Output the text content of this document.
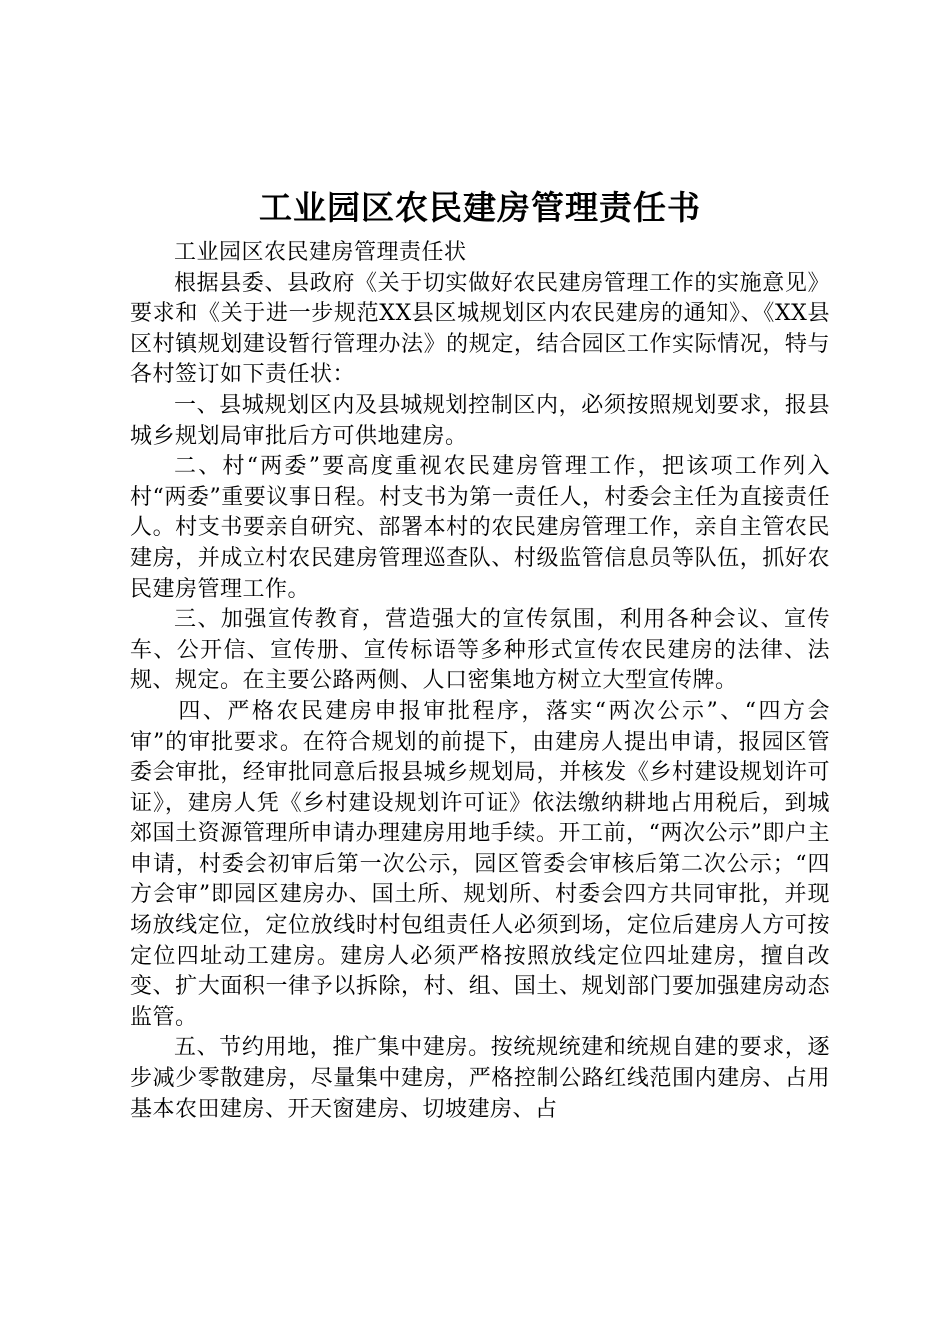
工业园区农民建房管理责任书

工业园区农民建房管理责任状

根据县委、县政府《关于切实做好农民建房管理工作的实施意见》要求和《关于进一步规范XX县区城规划区内农民建房的通知》、《XX县区村镇规划建设暂行管理办法》的规定，结合园区工作实际情况，特与各村签订如下责任状：

一、县城规划区内及县城规划控制区内，必须按照规划要求，报县城乡规划局审批后方可供地建房。

二、村“两委”要高度重视农民建房管理工作，把该项工作列入村“两委”重要议事日程。村支书为第一责任人，村委会主任为直接责任人。村支书要亲自研究、部署本村的农民建房管理工作，亲自主管农民建房，并成立村农民建房管理巡查队、村级监管信息员等队伍，抓好农民建房管理工作。

三、加强宣传教育，营造强大的宣传氛围，利用各种会议、宣传车、公开信、宣传册、宣传标语等多种形式宣传农民建房的法律、法规、规定。在主要公路两侧、人口密集地方树立大型宣传牌。

四、严格农民建房申报审批程序，落实“两次公示”、“四方会审”的审批要求。在符合规划的前提下，由建房人提出申请，报园区管委会审批，经审批同意后报县城乡规划局，并核发《乡村建设规划许可证》，建房人凭《乡村建设规划许可证》依法缴纳耕地占用税后，到城郊国土资源管理所申请办理建房用地手续。开工前，“两次公示”即户主申请，村委会初审后第一次公示，园区管委会审核后第二次公示；“四方会审”即园区建房办、国土所、规划所、村委会四方共同审批，并现场放线定位，定位放线时村包组责任人必须到场，定位后建房人方可按定位四址动工建房。建房人必须严格按照放线定位四址建房，擅自改变、扩大面积一律予以拆除，村、组、国土、规划部门要加强建房动态监管。

五、节约用地，推广集中建房。按统规统建和统规自建的要求，逐步减少零散建房，尽量集中建房，严格控制公路红线范围内建房、占用基本农田建房、开天窗建房、切坡建房、占
